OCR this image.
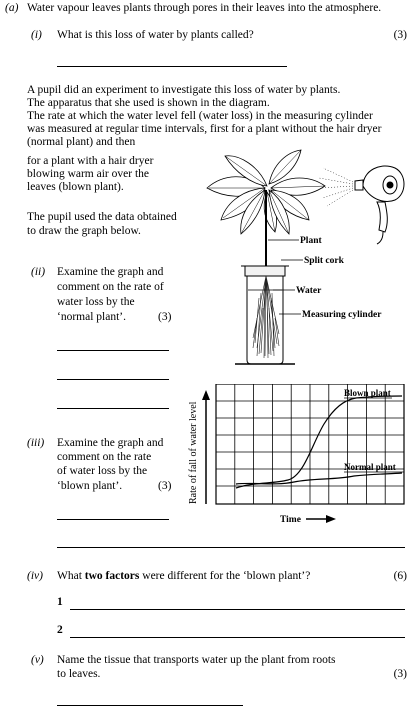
(a) Water vapour leaves plants through pores in their leaves into the atmosphere.
(i) What is this loss of water by plants called?	(3)
A pupil did an experiment to investigate this loss of water by plants.
The apparatus that she used is shown in the diagram.
The rate at which the water level fell (water loss) in the measuring cylinder
was measured at regular time intervals, first for a plant without the hair dryer
(normal plant) and then
for a plant with a hair dryer
blowing warm air over the
leaves (blown plant).
The pupil used the data obtained
to draw the graph below.
Plant
Split cork
Water
Measuring cylinder
(ii) Examine the graph and
comment on the rate of
water loss by the
‘normal plant’.	(3)
(iii) Examine the graph and
comment on the rate
of water loss by the
‘blown plant’.	(3) Rate of fall of water level
Blown plant
Normal plant
Time
(iv) What two factors were different for the ‘blown plant’?	(6)
1
2
(v) Name the tissue that transports water up the plant from roots
to leaves.	(3)
